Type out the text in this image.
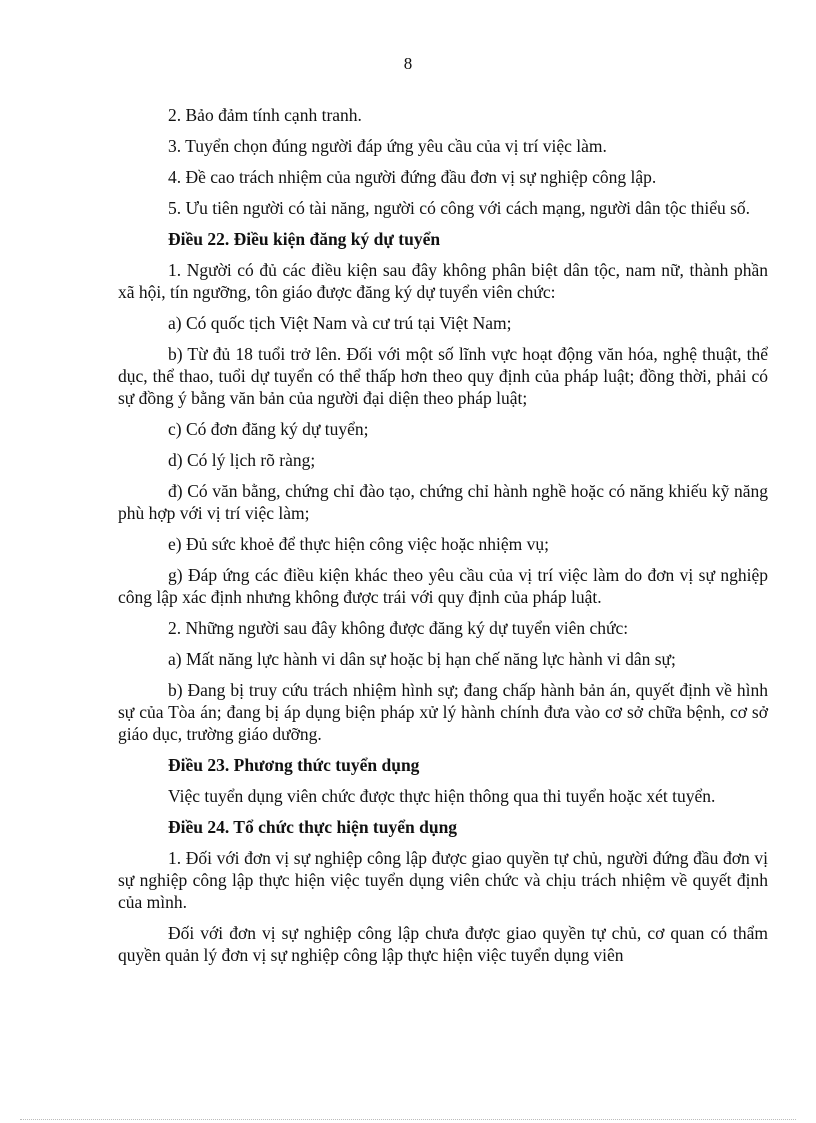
8

2. Bảo đảm tính cạnh tranh.

3. Tuyển chọn đúng người đáp ứng yêu cầu của vị trí việc làm.

4. Đề cao trách nhiệm của người đứng đầu đơn vị sự nghiệp công lập.

5. Ưu tiên người có tài năng, người có công với cách mạng, người dân tộc thiểu số.

Điều 22. Điều kiện đăng ký dự tuyển

1. Người có đủ các điều kiện sau đây không phân biệt dân tộc, nam nữ, thành phần xã hội, tín ngưỡng, tôn giáo được đăng ký dự tuyển viên chức:

a) Có quốc tịch Việt Nam và cư trú tại Việt Nam;

b) Từ đủ 18 tuổi trở lên. Đối với một số lĩnh vực hoạt động văn hóa, nghệ thuật, thể dục, thể thao, tuổi dự tuyển có thể thấp hơn theo quy định của pháp luật; đồng thời, phải có sự đồng ý bằng văn bản của người đại diện theo pháp luật;

c) Có đơn đăng ký dự tuyển;

d) Có lý lịch rõ ràng;

đ) Có văn bằng, chứng chỉ đào tạo, chứng chỉ hành nghề hoặc có năng khiếu kỹ năng phù hợp với vị trí việc làm;

e) Đủ sức khoẻ để thực hiện công việc hoặc nhiệm vụ;

g) Đáp ứng các điều kiện khác theo yêu cầu của vị trí việc làm do đơn vị sự nghiệp công lập xác định nhưng không được trái với quy định của pháp luật.

2. Những người sau đây không được đăng ký dự tuyển viên chức:

a) Mất năng lực hành vi dân sự hoặc bị hạn chế năng lực hành vi dân sự;

b) Đang bị truy cứu trách nhiệm hình sự; đang chấp hành bản án, quyết định về hình sự của Tòa án; đang bị áp dụng biện pháp xử lý hành chính đưa vào cơ sở chữa bệnh, cơ sở giáo dục, trường giáo dưỡng.

Điều 23. Phương thức tuyển dụng

Việc tuyển dụng viên chức được thực hiện thông qua thi tuyển hoặc xét tuyển.

Điều 24. Tổ chức thực hiện tuyển dụng

1. Đối với đơn vị sự nghiệp công lập được giao quyền tự chủ, người đứng đầu đơn vị sự nghiệp công lập thực hiện việc tuyển dụng viên chức và chịu trách nhiệm về quyết định của mình.

Đối với đơn vị sự nghiệp công lập chưa được giao quyền tự chủ, cơ quan có thẩm quyền quản lý đơn vị sự nghiệp công lập thực hiện việc tuyển dụng viên
